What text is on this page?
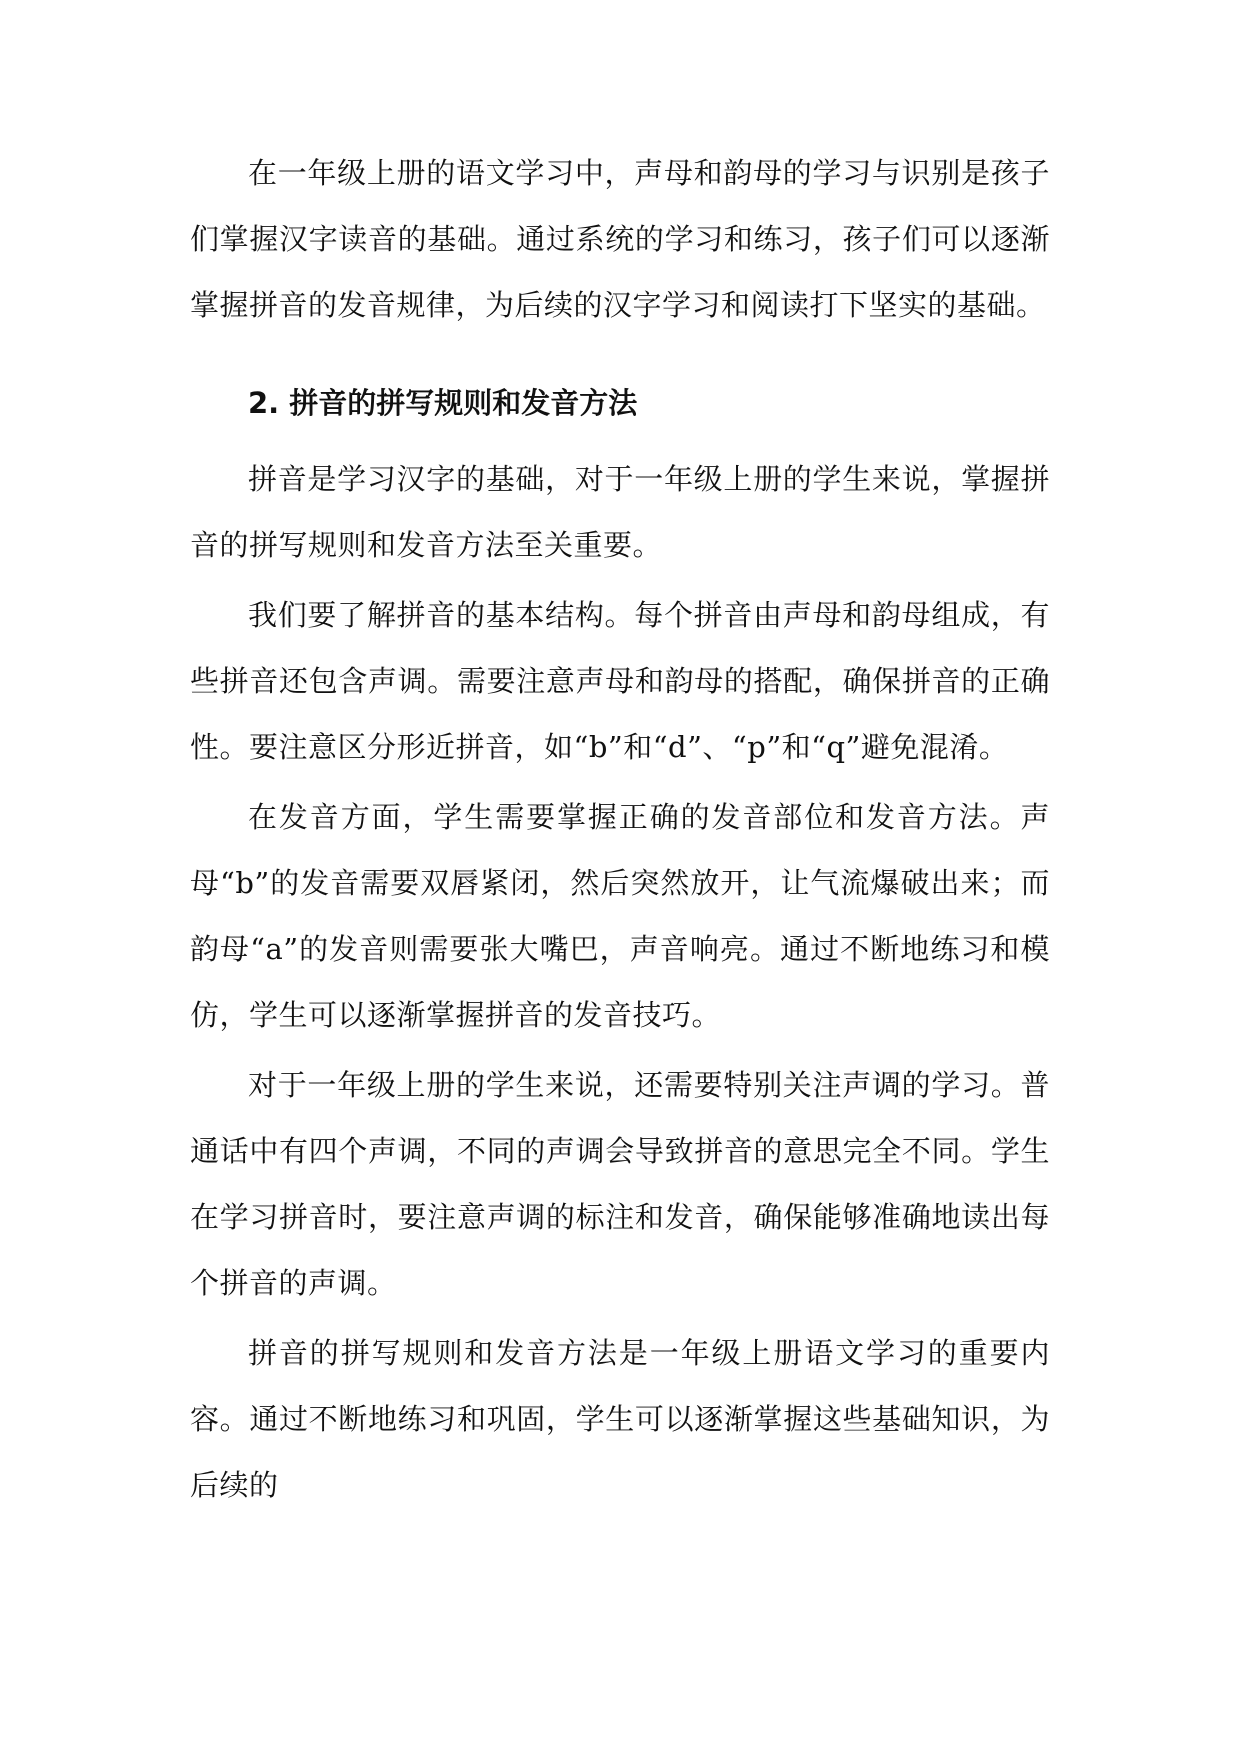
在一年级上册的语文学习中，声母和韵母的学习与识别是孩子们掌握汉字读音的基础。通过系统的学习和练习，孩子们可以逐渐掌握拼音的发音规律，为后续的汉字学习和阅读打下坚实的基础。

2. 拼音的拼写规则和发音方法

拼音是学习汉字的基础，对于一年级上册的学生来说，掌握拼音的拼写规则和发音方法至关重要。

我们要了解拼音的基本结构。每个拼音由声母和韵母组成，有些拼音还包含声调。需要注意声母和韵母的搭配，确保拼音的正确性。要注意区分形近拼音，如“b”和“d”、“p”和“q”避免混淆。

在发音方面，学生需要掌握正确的发音部位和发音方法。声母“b”的发音需要双唇紧闭，然后突然放开，让气流爆破出来；而韵母“a”的发音则需要张大嘴巴，声音响亮。通过不断地练习和模仿，学生可以逐渐掌握拼音的发音技巧。

对于一年级上册的学生来说，还需要特别关注声调的学习。普通话中有四个声调，不同的声调会导致拼音的意思完全不同。学生在学习拼音时，要注意声调的标注和发音，确保能够准确地读出每个拼音的声调。

拼音的拼写规则和发音方法是一年级上册语文学习的重要内容。通过不断地练习和巩固，学生可以逐渐掌握这些基础知识，为后续的
